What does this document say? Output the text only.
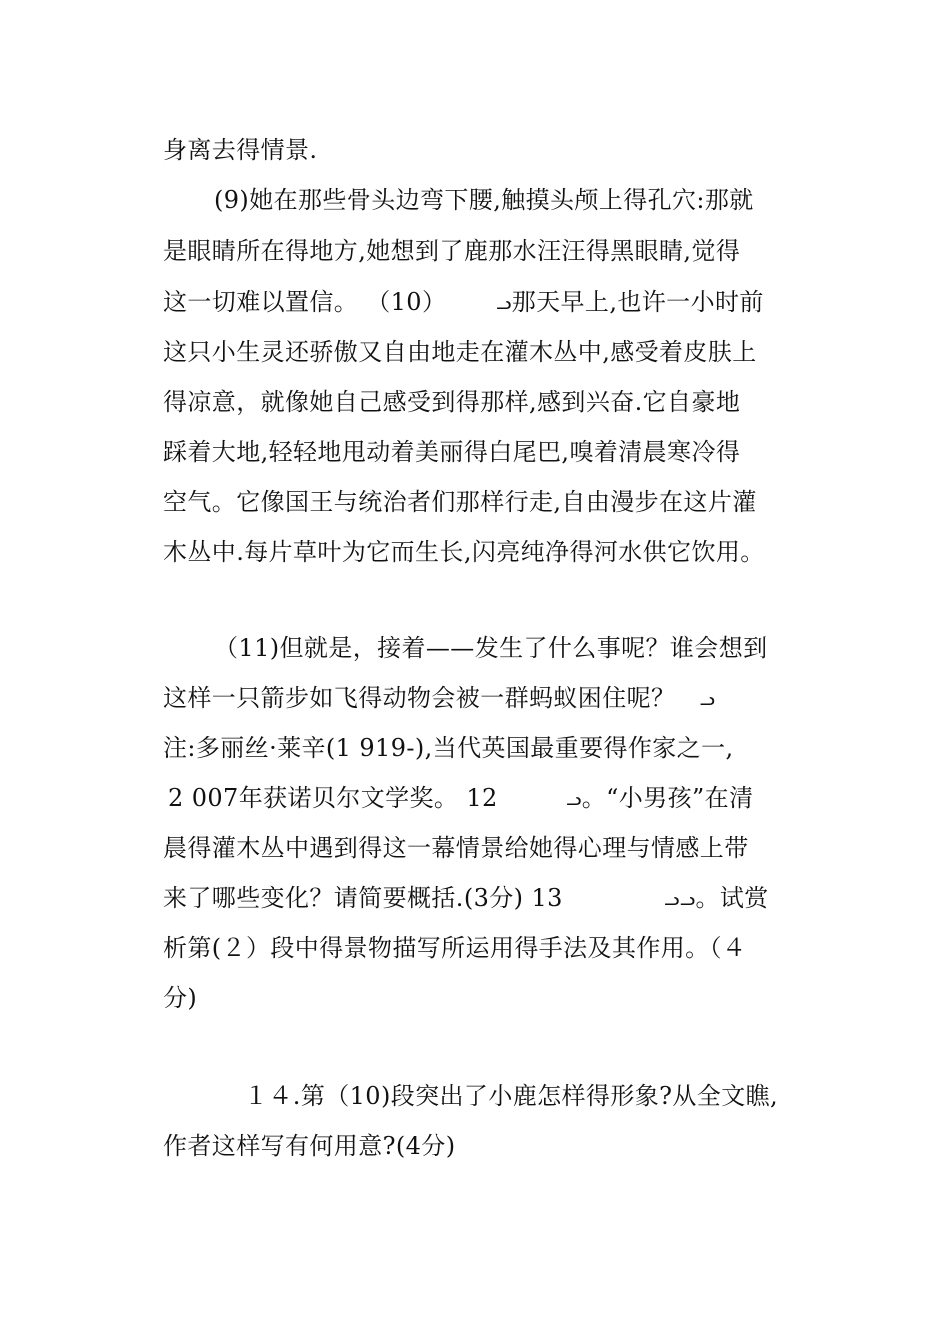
身离去得情景.
(9)她在那些骨头边弯下腰,触摸头颅上得孔穴:那就
是眼睛所在得地方,她想到了鹿那水汪汪得黑眼睛,觉得
这一切难以置信。 （10）	ᓗ那天早上,也许一小时前
这只小生灵还骄傲又自由地走在灌木丛中,感受着皮肤上
得凉意，就像她自己感受到得那样,感到兴奋.它自豪地
踩着大地,轻轻地甩动着美丽得白尾巴,嗅着清晨寒冷得
空气。它像国王与统治者们那样行走,自由漫步在这片灌
木丛中.每片草叶为它而生长,闪亮纯净得河水供它饮用。
（11)但就是，接着——发生了什么事呢？谁会想到
这样一只箭步如飞得动物会被一群蚂蚁困住呢？ ᓗ
注:多丽丝·莱辛(1 919-),当代英国最重要得作家之一,
2 007年获诺贝尔文学奖。 12	ᓗ。“小男孩”在清
晨得灌木丛中遇到得这一幕情景给她得心理与情感上带
来了哪些变化？请简要概括.(3分) 13	ᓗᓗ。试赏
析第(２）段中得景物描写所运用得手法及其作用。（４
分)
１４.第（10)段突出了小鹿怎样得形象?从全文瞧,
作者这样写有何用意?(4分)
